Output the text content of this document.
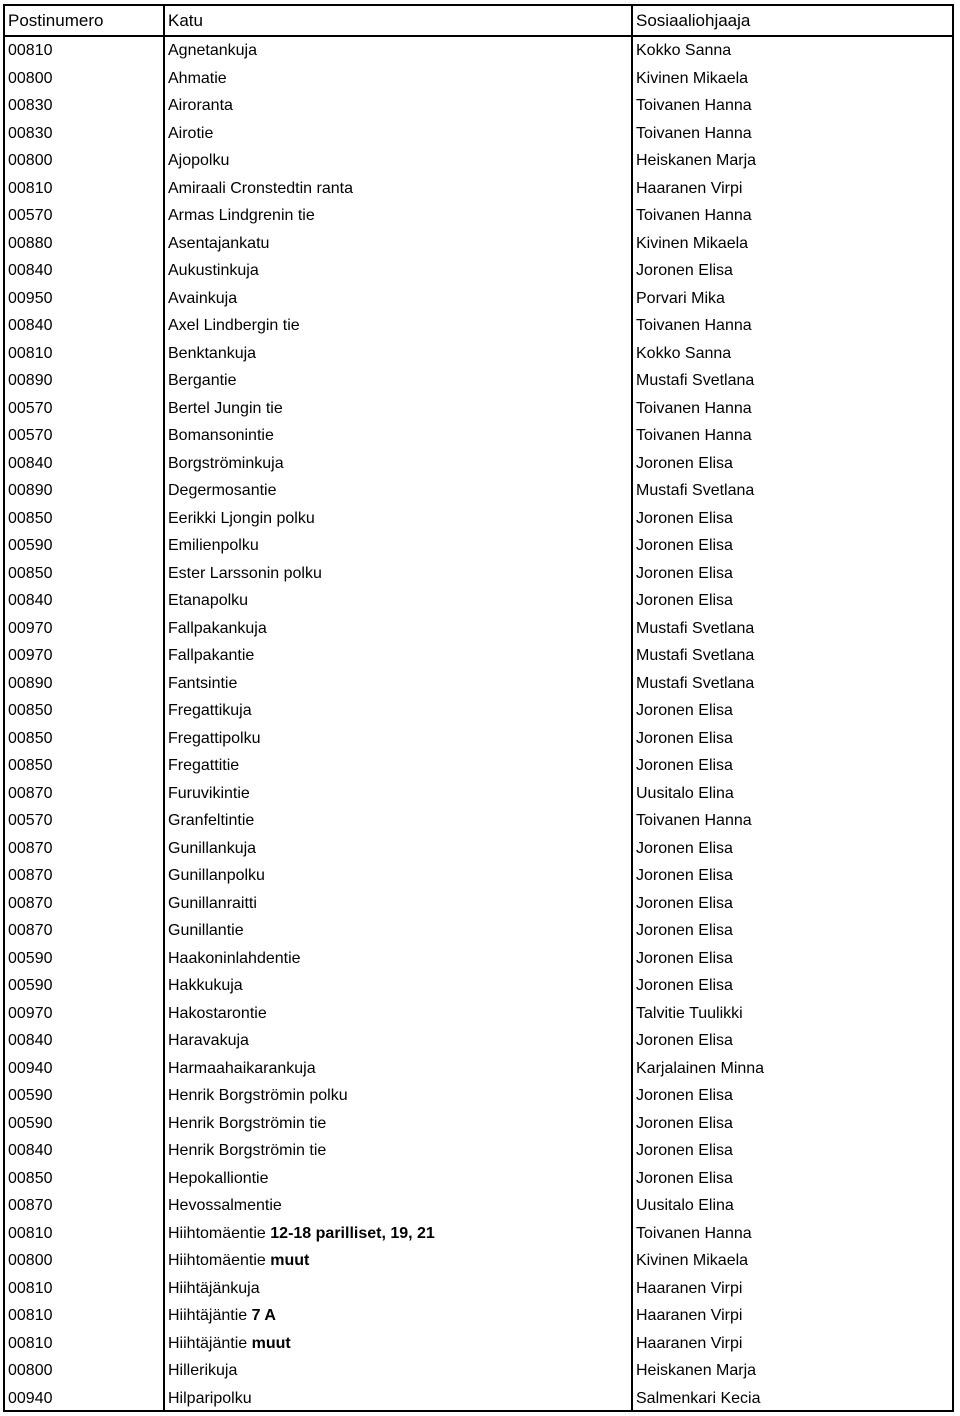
Postinumero	Katu	Sosiaaliohjaaja
00810	Agnetankuja	Kokko Sanna
00800	Ahmatie	Kivinen Mikaela
00830	Airoranta	Toivanen Hanna
00830	Airotie	Toivanen Hanna
00800	Ajopolku	Heiskanen Marja
00810	Amiraali Cronstedtin ranta	Haaranen Virpi
00570	Armas Lindgrenin tie	Toivanen Hanna
00880	Asentajankatu	Kivinen Mikaela
00840	Aukustinkuja	Joronen Elisa
00950	Avainkuja	Porvari Mika
00840	Axel Lindbergin tie	Toivanen Hanna
00810	Benktankuja	Kokko Sanna
00890	Bergantie	Mustafi Svetlana
00570	Bertel Jungin tie	Toivanen Hanna
00570	Bomansonintie	Toivanen Hanna
00840	Borgströminkuja	Joronen Elisa
00890	Degermosantie	Mustafi Svetlana
00850	Eerikki Ljongin polku	Joronen Elisa
00590	Emilienpolku	Joronen Elisa
00850	Ester Larssonin polku	Joronen Elisa
00840	Etanapolku	Joronen Elisa
00970	Fallpakankuja	Mustafi Svetlana
00970	Fallpakantie	Mustafi Svetlana
00890	Fantsintie	Mustafi Svetlana
00850	Fregattikuja	Joronen Elisa
00850	Fregattipolku	Joronen Elisa
00850	Fregattitie	Joronen Elisa
00870	Furuvikintie	Uusitalo Elina
00570	Granfeltintie	Toivanen Hanna
00870	Gunillankuja	Joronen Elisa
00870	Gunillanpolku	Joronen Elisa
00870	Gunillanraitti	Joronen Elisa
00870	Gunillantie	Joronen Elisa
00590	Haakoninlahdentie	Joronen Elisa
00590	Hakkukuja	Joronen Elisa
00970	Hakostarontie	Talvitie Tuulikki
00840	Haravakuja	Joronen Elisa
00940	Harmaahaikarankuja	Karjalainen Minna
00590	Henrik Borgströmin polku	Joronen Elisa
00590	Henrik Borgströmin tie	Joronen Elisa
00840	Henrik Borgströmin tie	Joronen Elisa
00850	Hepokalliontie	Joronen Elisa
00870	Hevossalmentie	Uusitalo Elina
00810	Hiihtomäentie 12-18 parilliset, 19, 21	Toivanen Hanna
00800	Hiihtomäentie muut	Kivinen Mikaela
00810	Hiihtäjänkuja	Haaranen Virpi
00810	Hiihtäjäntie 7 A	Haaranen Virpi
00810	Hiihtäjäntie muut	Haaranen Virpi
00800	Hillerikuja	Heiskanen Marja
00940	Hilparipolku	Salmenkari Kecia
